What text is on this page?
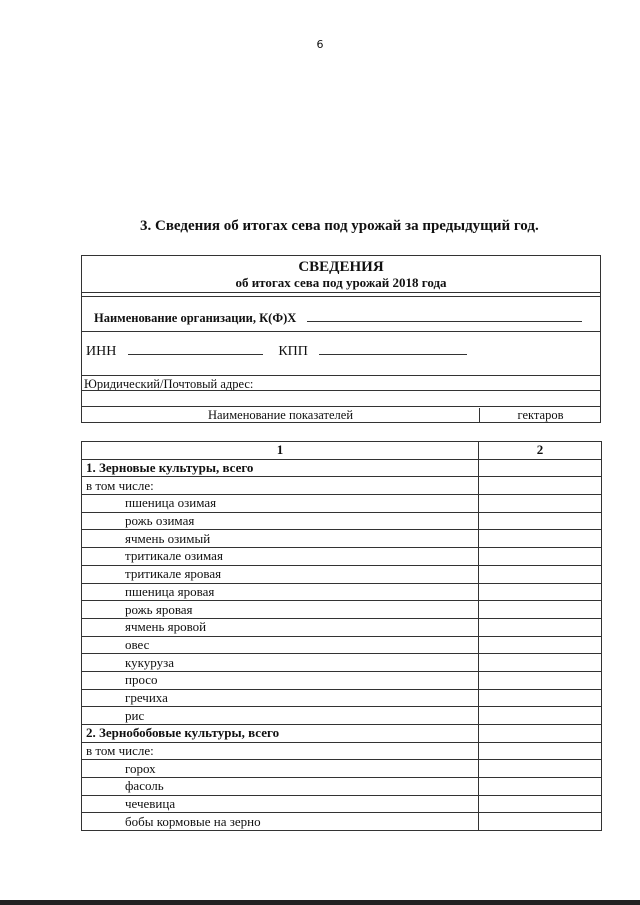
6
3. Сведения об итогах сева под урожай за предыдущий год.
СВЕДЕНИЯ
об итогах сева под урожай 2018 года
Наименование организации, К(Ф)Х
ИНН	КПП
Юридический/Почтовый адрес:
Наименование показателей	гектаров
1	2
1. Зерновые культуры, всего	
в том числе:	
пшеница озимая	
рожь озимая	
ячмень озимый	
тритикале озимая	
тритикале яровая	
пшеница яровая	
рожь яровая	
ячмень яровой	
овес	
кукуруза	
просо	
гречиха	
рис	
2. Зернобобовые культуры, всего	
в том числе:	
горох	
фасоль	
чечевица	
бобы кормовые на зерно	
